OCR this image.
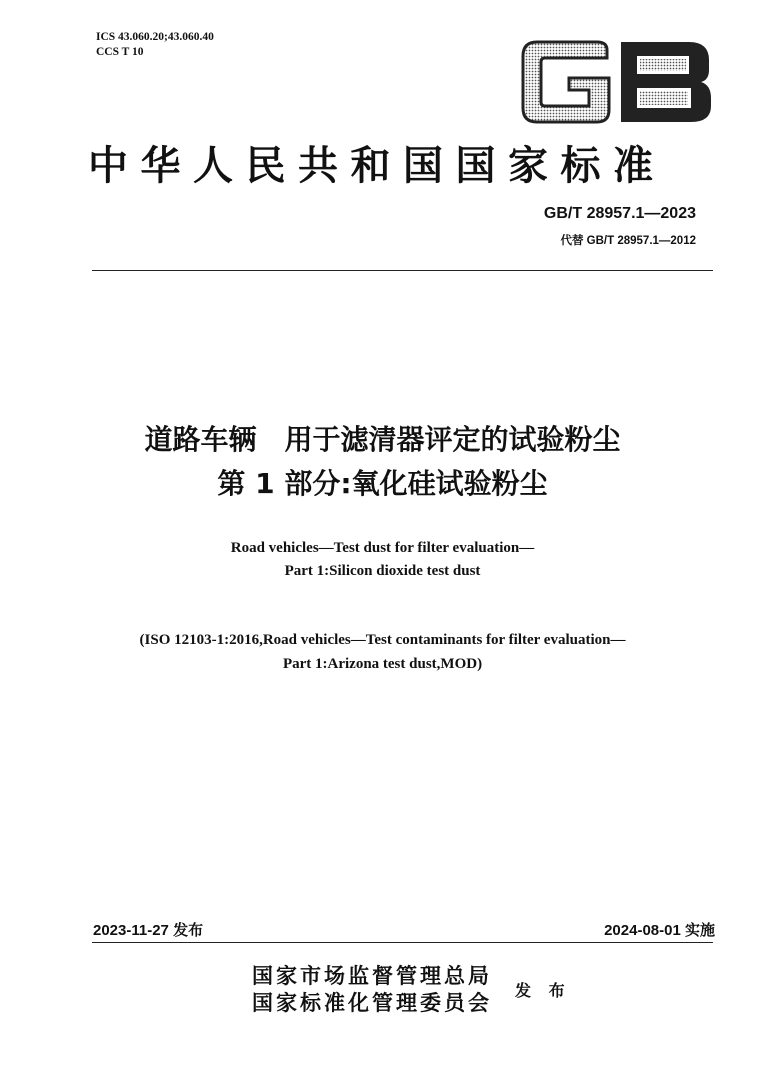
ICS 43.060.20;43.060.40
CCS T 10
中华人民共和国国家标准
GB/T 28957.1—2023
代替 GB/T 28957.1—2012
道路车辆　用于滤清器评定的试验粉尘
第 1 部分:氧化硅试验粉尘
Road vehicles—Test dust for filter evaluation—
Part 1:Silicon dioxide test dust
(ISO 12103-1:2016,Road vehicles—Test contaminants for filter evaluation—
Part 1:Arizona test dust,MOD)
2023-11-27 发布	2024-08-01 实施
国家市场监督管理总局
国家标准化管理委员会 发 布
